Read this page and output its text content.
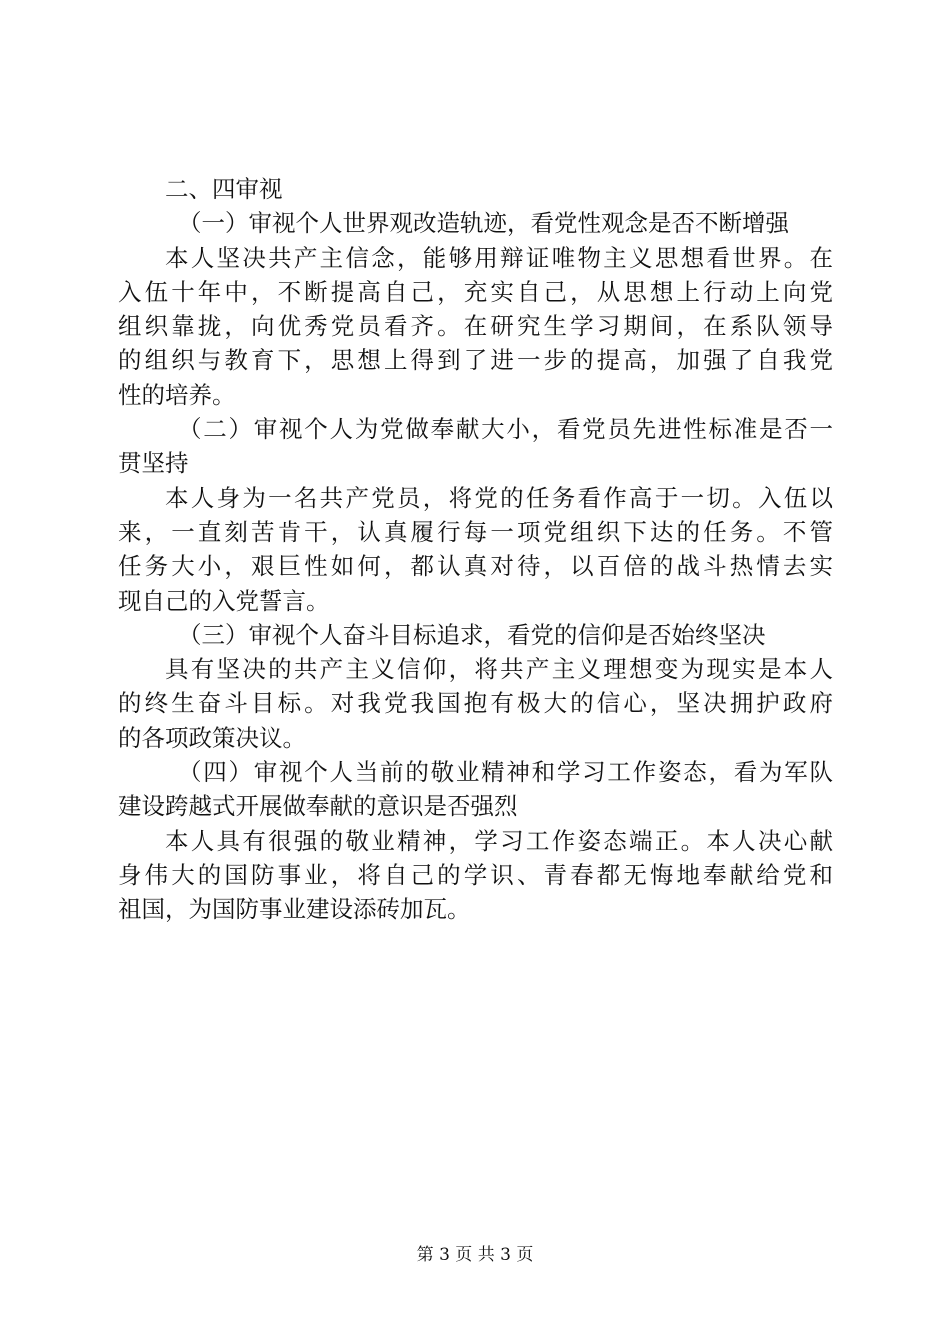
二、四审视
（一）审视个人世界观改造轨迹，看党性观念是否不断增强
本人坚决共产主信念，能够用辩证唯物主义思想看世界。在
入伍十年中，不断提高自己，充实自己，从思想上行动上向党
组织靠拢，向优秀党员看齐。在研究生学习期间，在系队领导
的组织与教育下，思想上得到了进一步的提高，加强了自我党
性的培养。
（二）审视个人为党做奉献大小，看党员先进性标准是否一
贯坚持
本人身为一名共产党员，将党的任务看作高于一切。入伍以
来，一直刻苦肯干，认真履行每一项党组织下达的任务。不管
任务大小，艰巨性如何，都认真对待，以百倍的战斗热情去实
现自己的入党誓言。
（三）审视个人奋斗目标追求，看党的信仰是否始终坚决
具有坚决的共产主义信仰，将共产主义理想变为现实是本人
的终生奋斗目标。对我党我国抱有极大的信心，坚决拥护政府
的各项政策决议。
（四）审视个人当前的敬业精神和学习工作姿态，看为军队
建设跨越式开展做奉献的意识是否强烈
本人具有很强的敬业精神，学习工作姿态端正。本人决心献
身伟大的国防事业，将自己的学识、青春都无悔地奉献给党和
祖国，为国防事业建设添砖加瓦。
第 3 页 共 3 页
